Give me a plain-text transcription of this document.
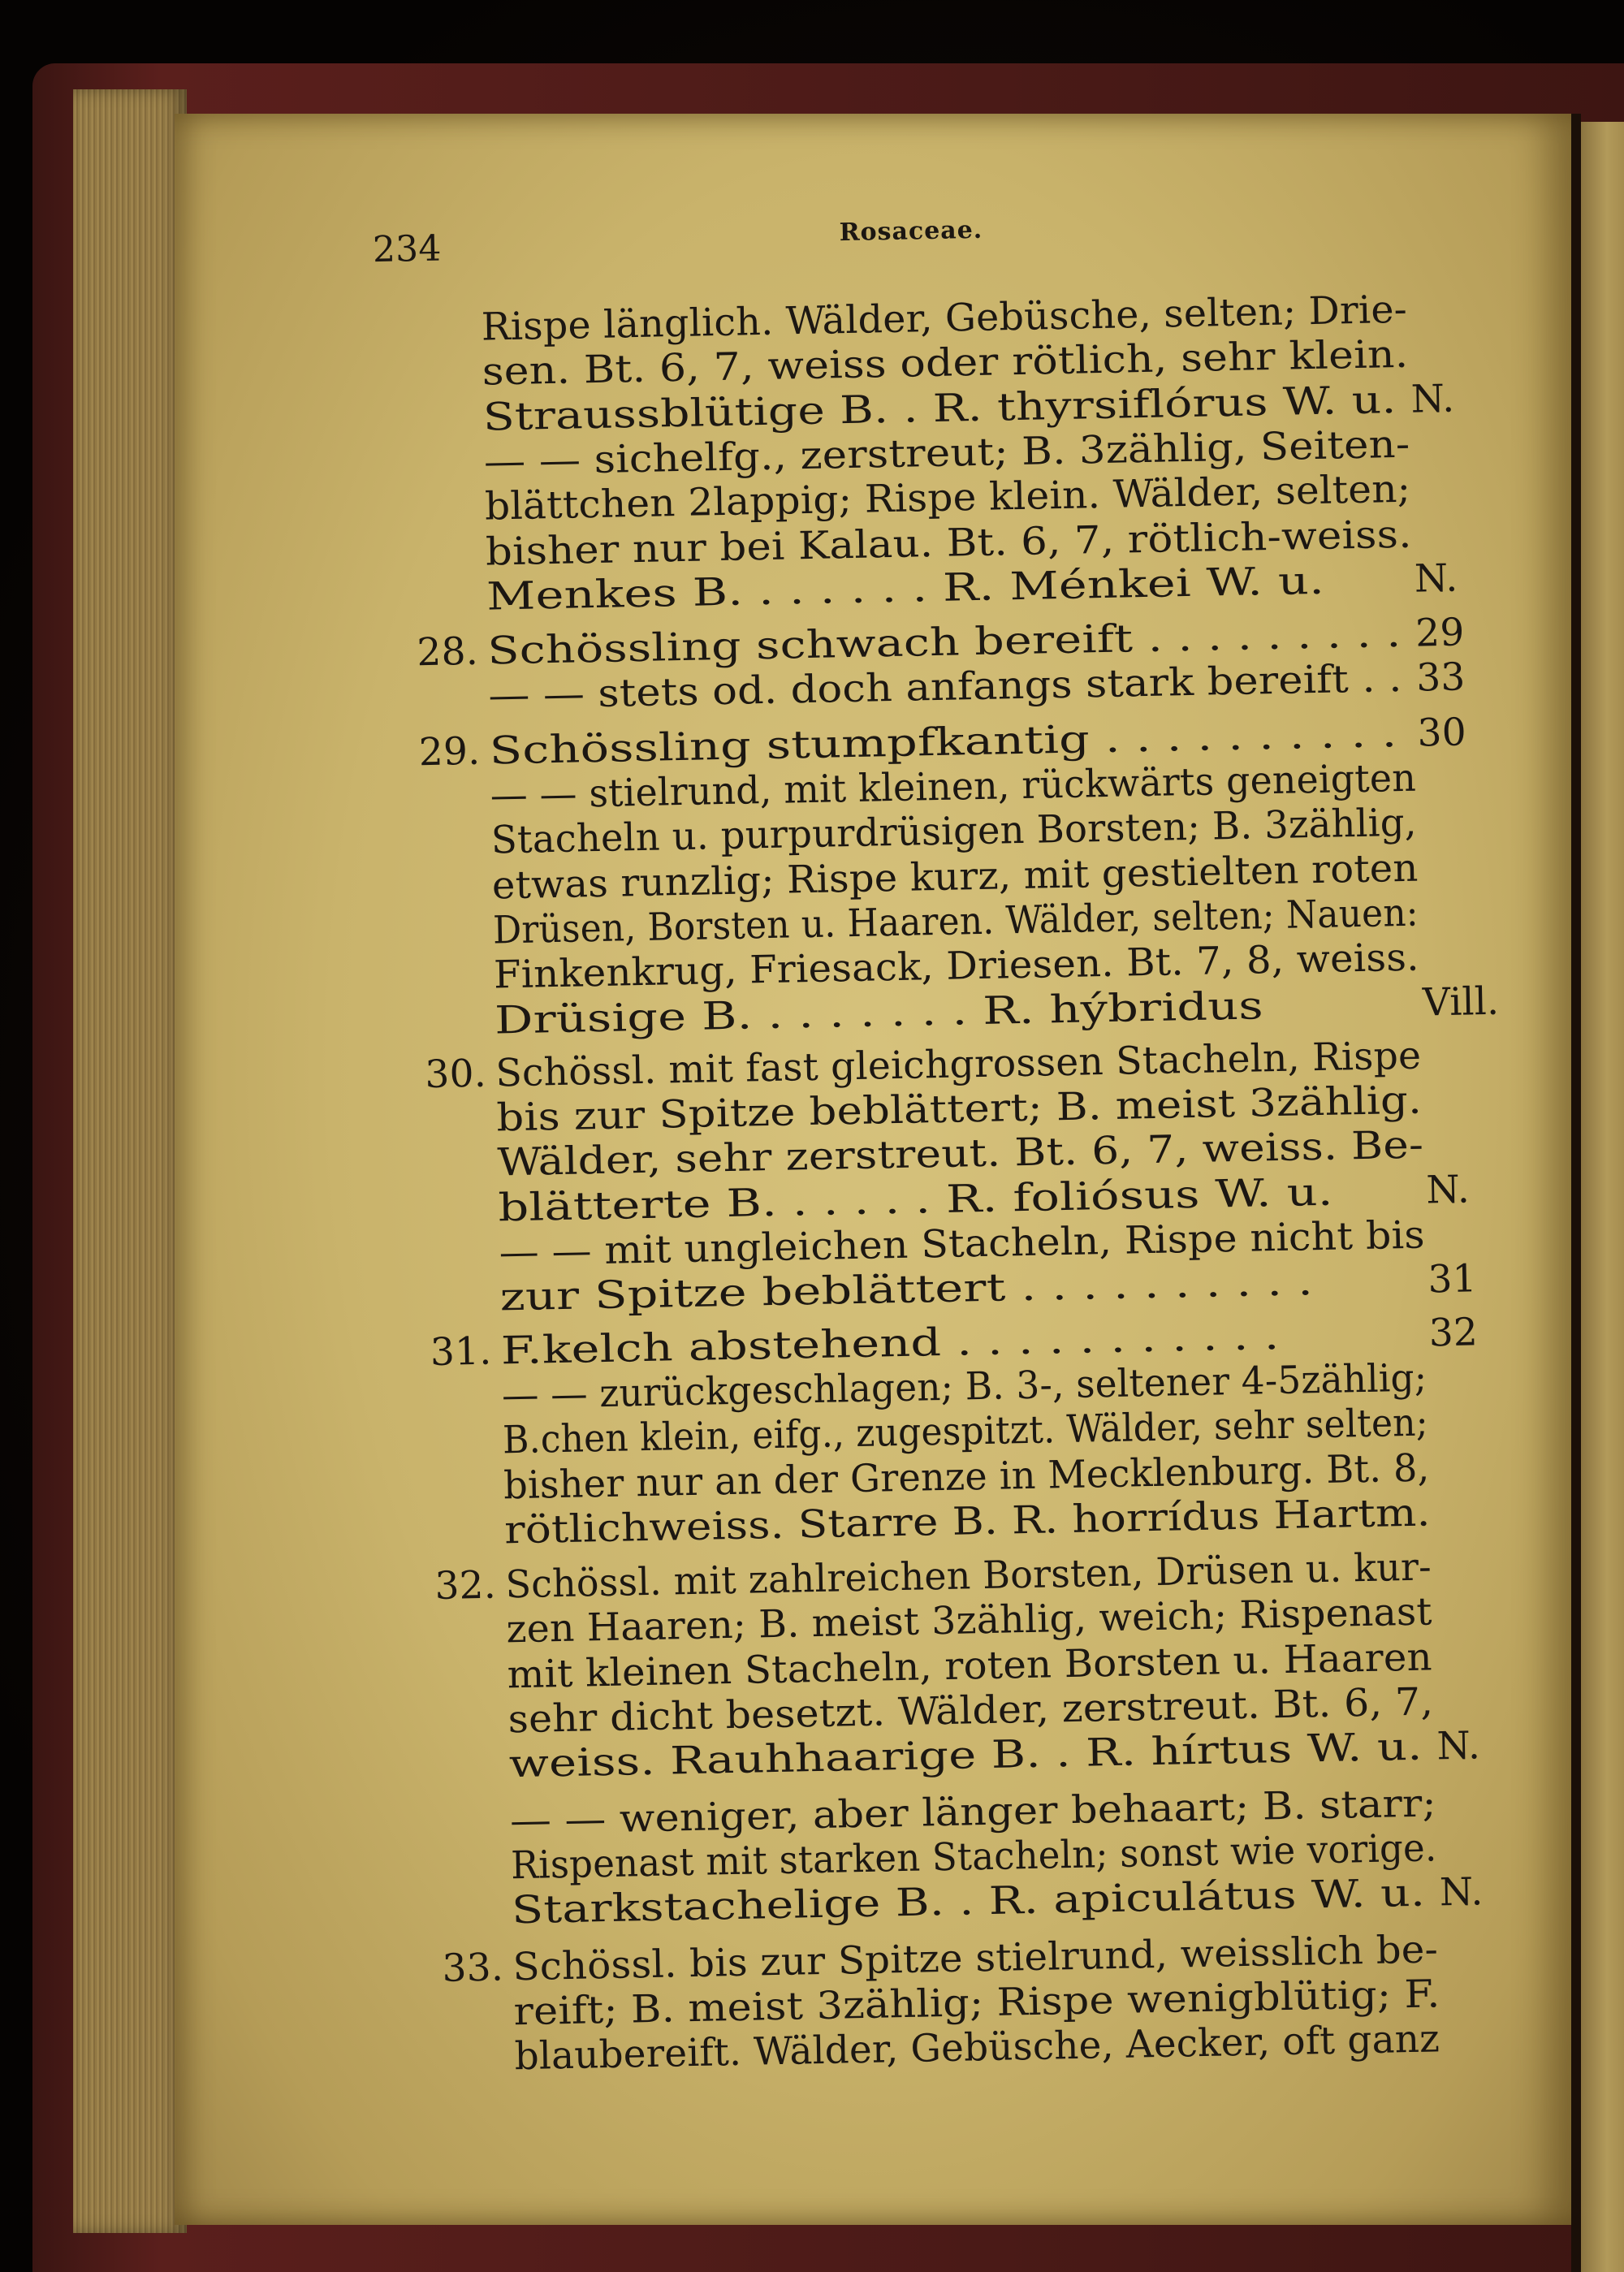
234	Rosaceae.
Rispe länglich. Wälder, Gebüsche, selten; Drie-
sen. Bt. 6, 7, weiss oder rötlich, sehr klein.
Straussblütige B. . R. thyrsiflórus W. u. N.
— — sichelfg., zerstreut; B. 3zählig, Seiten-
blättchen 2lappig; Rispe klein. Wälder, selten;
bisher nur bei Kalau. Bt. 6, 7, rötlich-weiss.
Menkes B. . . . . . . R. Ménkei W. u. N.
28. Schössling schwach bereift . . . . . . . . . 29
— — stets od. doch anfangs stark bereift . . 33
29. Schössling stumpfkantig . . . . . . . . . . 30
— — stielrund, mit kleinen, rückwärts geneigten
Stacheln u. purpurdrüsigen Borsten; B. 3zählig,
etwas runzlig; Rispe kurz, mit gestielten roten
Drüsen, Borsten u. Haaren. Wälder, selten; Nauen:
Finkenkrug, Friesack, Driesen. Bt. 7, 8, weiss.
Drüsige B. . . . . . . . R. hýbridus	Vill.
30. Schössl. mit fast gleichgrossen Stacheln, Rispe
bis zur Spitze beblättert; B. meist 3zählig.
Wälder, sehr zerstreut. Bt. 6, 7, weiss. Be-
blätterte B. . . . . . R. foliósus W. u. N.
— — mit ungleichen Stacheln, Rispe nicht bis
zur Spitze beblättert . . . . . . . . . .	31
31. F.kelch abstehend . . . . . . . . . . .	32
— — zurückgeschlagen; B. 3-, seltener 4-5zählig;
B.chen klein, eifg., zugespitzt. Wälder, sehr selten;
bisher nur an der Grenze in Mecklenburg. Bt. 8,
rötlichweiss. Starre B. R. horrídus Hartm.
32. Schössl. mit zahlreichen Borsten, Drüsen u. kur-
zen Haaren; B. meist 3zählig, weich; Rispenast
mit kleinen Stacheln, roten Borsten u. Haaren
sehr dicht besetzt. Wälder, zerstreut. Bt. 6, 7,
weiss. Rauhhaarige B. . R. hírtus W. u. N.
— — weniger, aber länger behaart; B. starr;
Rispenast mit starken Stacheln; sonst wie vorige.
Starkstachelige B. . R. apiculátus W. u. N.
33. Schössl. bis zur Spitze stielrund, weisslich be-
reift; B. meist 3zählig; Rispe wenigblütig; F.
blaubereift. Wälder, Gebüsche, Aecker, oft ganz
